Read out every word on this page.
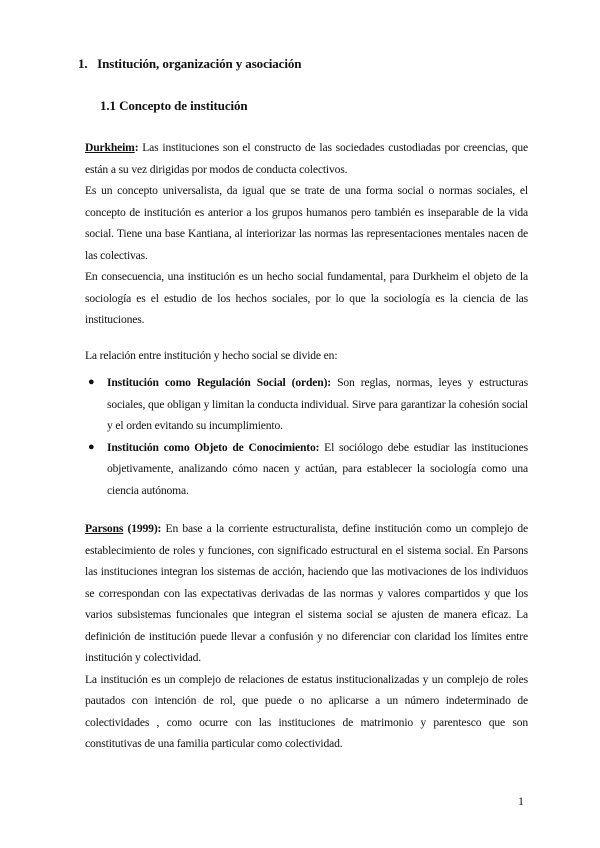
1. Institución, organización y asociación
1.1 Concepto de institución
Durkheim: Las instituciones son el constructo de las sociedades custodiadas por creencias, que están a su vez dirigidas por modos de conducta colectivos.
Es un concepto universalista, da igual que se trate de una forma social o normas sociales, el concepto de institución es anterior a los grupos humanos pero también es inseparable de la vida social. Tiene una base Kantiana, al interiorizar las normas las representaciones mentales nacen de las colectivas.
En consecuencia, una institución es un hecho social fundamental, para Durkheim el objeto de la sociología es el estudio de los hechos sociales, por lo que la sociología es la ciencia de las instituciones.
La relación entre institución y hecho social se divide en:
● Institución como Regulación Social (orden): Son reglas, normas, leyes y estructuras sociales, que obligan y limitan la conducta individual. Sirve para garantizar la cohesión social y el orden evitando su incumplimiento.
● Institución como Objeto de Conocimiento: El sociólogo debe estudiar las instituciones objetivamente, analizando cómo nacen y actúan, para establecer la sociología como una ciencia autónoma.
Parsons (1999): En base a la corriente estructuralista, define institución como un complejo de establecimiento de roles y funciones, con significado estructural en el sistema social. En Parsons las instituciones integran los sistemas de acción, haciendo que las motivaciones de los individuos se correspondan con las expectativas derivadas de las normas y valores compartidos y que los varios subsistemas funcionales que integran el sistema social se ajusten de manera eficaz. La definición de institución puede llevar a confusión y no diferenciar con claridad los límites entre institución y colectividad.
La institución es un complejo de relaciones de estatus institucionalizadas y un complejo de roles pautados con intención de rol, que puede o no aplicarse a un número indeterminado de colectividades , como ocurre con las instituciones de matrimonio y parentesco que son constitutivas de una familia particular como colectividad.
1
